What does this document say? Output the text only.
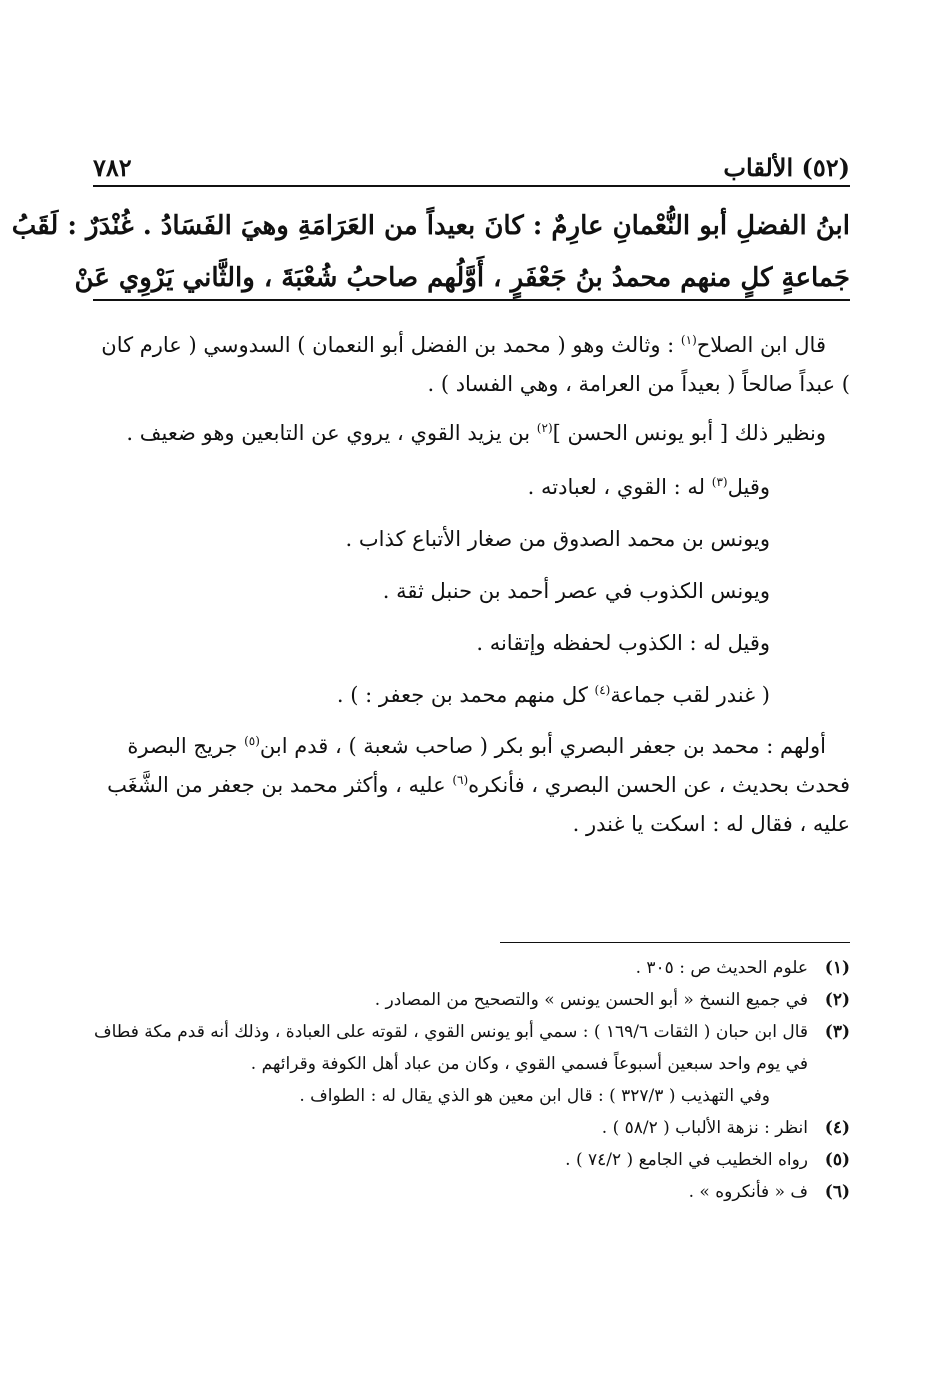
(٥٢) الألقاب
٧٨٢
ابنُ الفضلِ أبو النُّعْمانِ عارِمٌ : كانَ بعيداً من العَرَامَةِ وهيَ الفَسَادُ . غُنْدَرٌ : لَقَبُ
جَماعةٍ كلٍ منهم محمدُ بنُ جَعْفَرٍ ، أَوَّلُهم صاحبُ شُعْبَةَ ، والثَّاني يَرْوِي عَنْ

قال ابن الصلاح$^{(١)}$ : وثالث وهو ( محمد بن الفضل أبو النعمان ) السدوسي ( عارم كان ) عبداً صالحاً ( بعيداً من العرامة ، وهي الفساد ) .

ونظير ذلك [ أبو يونس الحسن ]$^{(٢)}$ بن يزيد القوي ، يروي عن التابعين وهو ضعيف .

وقيل$^{(٣)}$ له : القوي ، لعبادته .

ويونس بن محمد الصدوق من صغار الأتباع كذاب .

ويونس الكذوب في عصر أحمد بن حنبل ثقة .

وقيل له : الكذوب لحفظه وإتقانه .

( غندر لقب جماعة$^{(٤)}$ كل منهم محمد بن جعفر : ) .

أولهم : محمد بن جعفر البصري أبو بكر ( صاحب شعبة ) ، قدم ابن$^{(٥)}$ جريج البصرة فحدث بحديث ، عن الحسن البصري ، فأنكره$^{(٦)}$ عليه ، وأكثر محمد بن جعفر من الشَّغَب عليه ، فقال له : اسكت يا غندر .

(١)
علوم الحديث ص : ٣٠٥ .
(٢)
في جميع النسخ « أبو الحسن يونس » والتصحيح من المصادر .
(٣)
قال ابن حبان ( الثقات ١٦٩/٦ ) : سمي أبو يونس القوي ، لقوته على العبادة ، وذلك أنه قدم مكة فطاف في يوم واحد سبعين أسبوعاً فسمي القوي ، وكان من عباد أهل الكوفة وقرائهم .
وفي التهذيب ( ٣٢٧/٣ ) : قال ابن معين هو الذي يقال له : الطواف .
(٤)
انظر : نزهة الألباب ( ٥٨/٢ ) .
(٥)
رواه الخطيب في الجامع ( ٧٤/٢ ) .
(٦)
ف « فأنكروه » .
